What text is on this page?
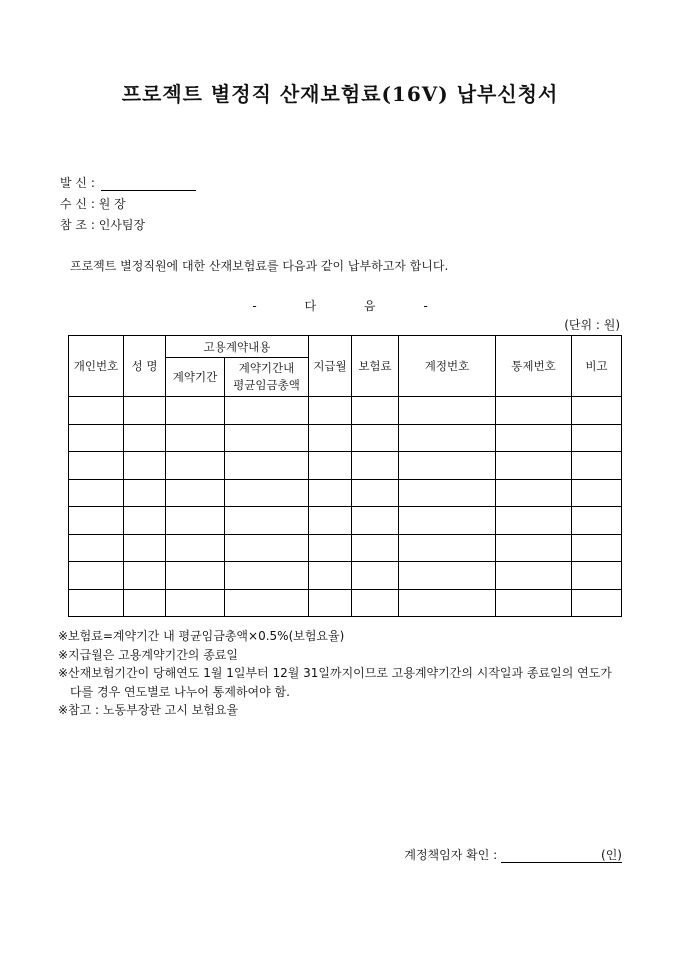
프로젝트 별정직 산재보험료(16V) 납부신청서
발 신 :
수 신 : 원 장
참 조 : 인사팀장
프로젝트 별정직원에 대한 산재보험료를 다음과 같이 납부하고자 합니다.
-	다	음	-
(단위 : 원)
개인번호	성 명	고용계약내용		지급월	보험료	계정번호	통제번호	비고
		계약기간	계약기간내
평균임금총액					

※보험료=계약기간 내 평균임금총액×0.5%(보험요율)
※지급월은 고용계약기간의 종료일
※산재보험기간이 당해연도 1월 1일부터 12월 31일까지이므로 고용계약기간의 시작일과 종료일의 연도가 다를 경우 연도별로 나누어 통제하여야 함.
※참고 : 노동부장관 고시 보험요율
계정책임자 확인 :	(인)
